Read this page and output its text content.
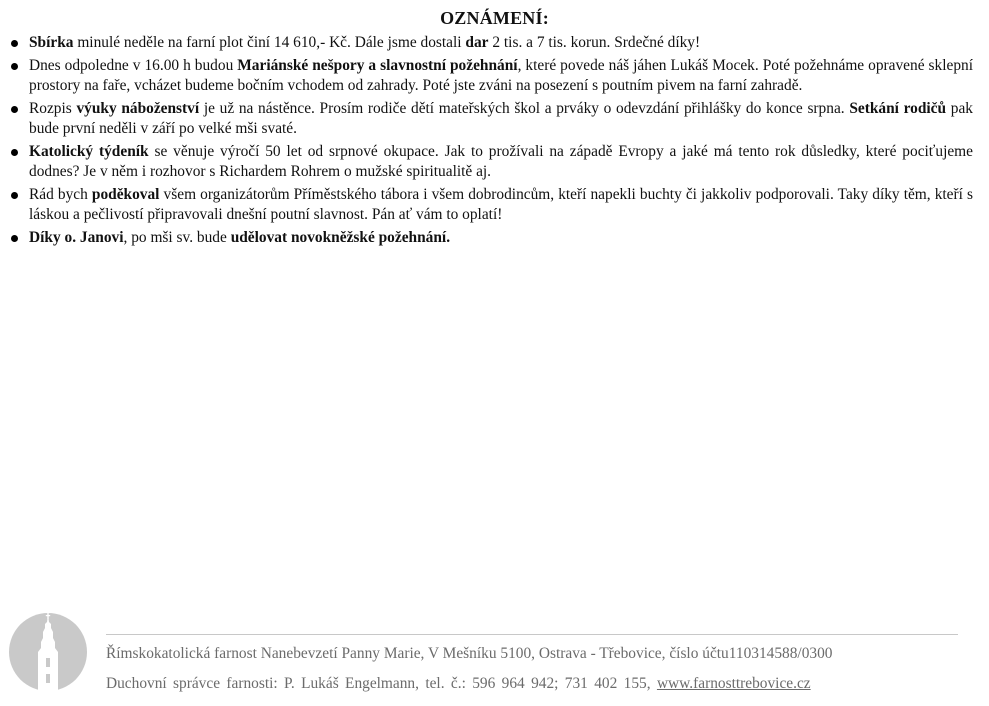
OZNÁMENÍ:
Sbírka minulé neděle na farní plot činí 14 610,- Kč. Dále jsme dostali dar 2 tis. a 7 tis. korun. Srdečné díky!
Dnes odpoledne v 16.00 h budou Mariánské nešpory a slavnostní požehnání, které povede náš jáhen Lukáš Mocek. Poté požehnáme opravené sklepní prostory na faře, vcházet budeme bočním vchodem od zahrady. Poté jste zváni na posezení s poutním pivem na farní zahradě.
Rozpis výuky náboženství je už na nástěnce. Prosím rodiče dětí mateřských škol a prváky o odevzdání přihlášky do konce srpna. Setkání rodičů pak bude první neděli v září po velké mši svaté.
Katolický týdeník se věnuje výročí 50 let od srpnové okupace. Jak to prožívali na západě Evropy a jaké má tento rok důsledky, které pociťujeme dodnes? Je v něm i rozhovor s Richardem Rohrem o mužské spiritualitě aj.
Rád bych poděkoval všem organizátorům Příměstského tábora i všem dobrodincům, kteří napekli buchty či jakkoliv podporovali. Taky díky těm, kteří s láskou a pečlivostí připravovali dnešní poutní slavnost. Pán ať vám to oplatí!
Díky o. Janovi, po mši sv. bude udělovat novokněžské požehnání.
Římskokatolická farnost Nanebevzetí Panny Marie, V Mešníku 5100, Ostrava - Třebovice, číslo účtu110314588/0300
Duchovní správce farnosti: P. Lukáš Engelmann, tel. č.: 596 964 942; 731 402 155, www.farnosttrebovice.cz
